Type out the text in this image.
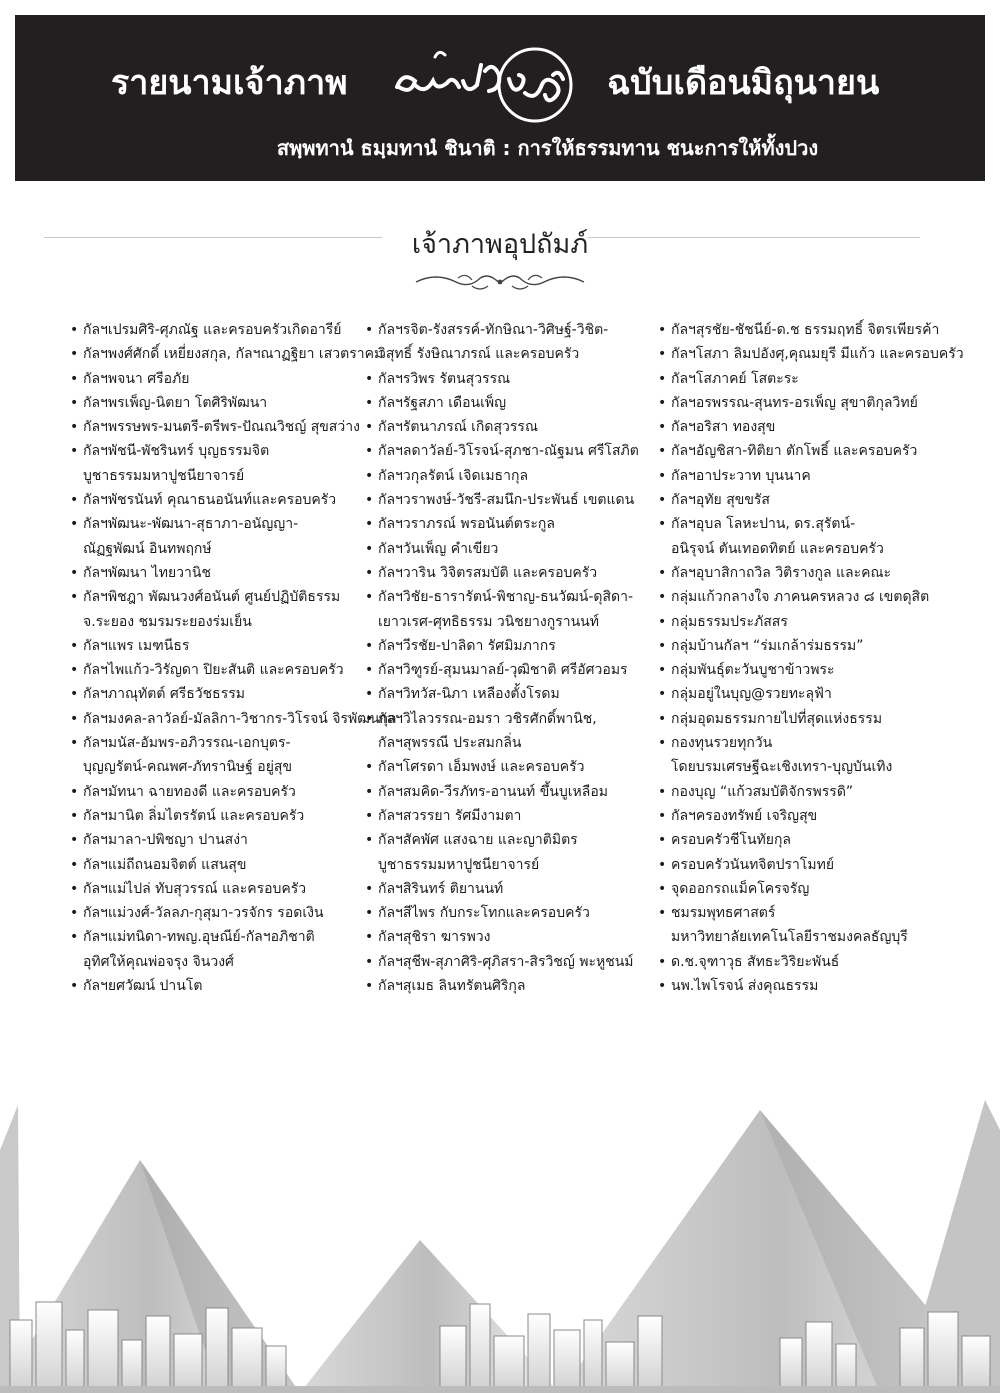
รายนามเจ้าภาพ	ฉบับเดือนมิถุนายน
สพฺพทานํ ธมฺมทานํ ชินาติ : การให้ธรรมทาน ชนะการให้ทั้งปวง
เจ้าภาพอุปถัมภ์
• กัลฯเปรมศิริ-ศุภณัฐ และครอบครัวเกิดอารีย์
• กัลฯพงศ์ศักดิ์ เหยี่ยงสกุล, กัลฯณาฏฐิยา เสวตราคม
• กัลฯพจนา ศรีอภัย
• กัลฯพรเพ็ญ-นิตยา โตศิริพัฒนา
• กัลฯพรรษพร-มนตรี-ตรีพร-ปัณณวิชญ์ สุขสว่าง
• กัลฯพัชนี-พัชรินทร์ บุญธรรมจิต
บูชาธรรมมหาปูชนียาจารย์
• กัลฯพัชรนันท์ คุณาธนอนันท์และครอบครัว
• กัลฯพัฒนะ-พัฒนา-สุธาภา-อนัญญา-
ณัฏฐพัฒน์ อินทพฤกษ์
• กัลฯพัฒนา ไทยวานิช
• กัลฯพิชฎา พัฒนวงศ์อนันต์ ศูนย์ปฏิบัติธรรม
จ.ระยอง ชมรมระยองร่มเย็น
• กัลฯแพร เมฑนีธร
• กัลฯไพแก้ว-วิรัญดา ปิยะสันติ และครอบครัว
• กัลฯภาณุทัตต์ ศรีธวัชธรรม
• กัลฯมงคล-ลาวัลย์-มัลลิกา-วิชากร-วิโรจน์ จิรพัฒนกุล
• กัลฯมนัส-อัมพร-อภิวรรณ-เอกบุตร-
บุญญรัตน์-คณพศ-ภัทรานิษฐ์ อยู่สุข
• กัลฯมัทนา ฉายทองดี และครอบครัว
• กัลฯมานิต ลิ่มไตรรัตน์ และครอบครัว
• กัลฯมาลา-ปพิชญา ปานสง่า
• กัลฯแม่ถีถนอมจิตต์ แสนสุข
• กัลฯแม่ไปล่ ทับสุวรรณ์ และครอบครัว
• กัลฯแม่วงศ์-วัลลภ-กุสุมา-วรจักร รอดเงิน
• กัลฯแม่ทนิดา-ทพญ.อุษณีย์-กัลฯอภิชาติ
อุทิศให้คุณพ่อจรุง จินวงศ์
• กัลฯยศวัฒน์ ปานโต
• กัลฯรจิต-รังสรรค์-ทักษิณา-วิศิษฐ์-วิชิต-
วิสุทธิ์ รังษิณาภรณ์ และครอบครัว
• กัลฯรวิพร รัตนสุวรรณ
• กัลฯรัฐสภา เดือนเพ็ญ
• กัลฯรัตนาภรณ์ เกิดสุวรรณ
• กัลฯลดาวัลย์-วิโรจน์-สุภชา-ณัฐมน ศรีโสภิต
• กัลฯวกุลรัตน์ เจิดเมธากุล
• กัลฯวราพงษ์-วัชรี-สมนึก-ประพันธ์ เขตแดน
• กัลฯวราภรณ์ พรอนันต์ตระกูล
• กัลฯวันเพ็ญ คำเขียว
• กัลฯวาริน วิจิตรสมบัติ และครอบครัว
• กัลฯวิชัย-ธารารัตน์-พิชาญ-ธนวัฒน์-ดุสิดา-
เยาวเรศ-ศุทธิธรรม วนิชยางกูรานนท์
• กัลฯวีรชัย-ปาลิดา รัศมิมภากร
• กัลฯวิฑูรย์-สุมนมาลย์-วุฒิชาติ ศรีอัศวอมร
• กัลฯวิทวัส-นิภา เหลืองตั้งโรดม
• กัลฯวิไลวรรณ-อมรา วชิรศักดิ์พานิช,
กัลฯสุพรรณี ประสมกลิ่น
• กัลฯโศรดา เอ็มพงษ์ และครอบครัว
• กัลฯสมคิด-วีรภัทร-อานนท์ ขึ้นบูเหลือม
• กัลฯสวรรยา รัศมีงามตา
• กัลฯสัคพัศ แสงฉาย และญาติมิตร
บูชาธรรมมหาปูชนียาจารย์
• กัลฯสิรินทร์ ติยานนท์
• กัลฯสีไพร กับกระโทกและครอบครัว
• กัลฯสุชิรา ฆารพวง
• กัลฯสุชีพ-สุภาศิริ-ศุภิสรา-สิรวิชญ์ พะหูชนม์
• กัลฯสุเมธ ลินทรัตนศิริกุล
• กัลฯสุรชัย-ชัชนีย์-ด.ช ธรรมฤทธิ์ จิตรเพียรค้า
• กัลฯโสภา ลิมปอังศุ,คุณมยุรี มีแก้ว และครอบครัว
• กัลฯโสภาคย์ โสตะระ
• กัลฯอรพรรณ-สุนทร-อรเพ็ญ สุขาติกุลวิทย์
• กัลฯอริสา ทองสุข
• กัลฯอัญชิสา-ทิติยา ตักโพธิ์ และครอบครัว
• กัลฯอาประวาท บุนนาค
• กัลฯอุทัย สุขขรัส
• กัลฯอุบล โลหะปาน, ดร.สุรัตน์-
อนิรุจน์ ตันเทอดทิตย์ และครอบครัว
• กัลฯอุบาสิกาถวิล วิติรางกูล และคณะ
• กลุ่มแก้วกลางใจ ภาคนครหลวง ๘ เขตดุสิต
• กลุ่มธรรมประภัสสร
• กลุ่มบ้านกัลฯ “ร่มเกล้าร่มธรรม”
• กลุ่มพันธุ์ตะวันบูชาข้าวพระ
• กลุ่มอยู่ในบุญ@รวยทะลุฟ้า
• กลุ่มอุดมธรรมกายไปที่สุดแห่งธรรม
• กองทุนรวยทุกวัน
โดยบรมเศรษฐีฉะเชิงเทรา-บุญบันเทิง
• กองบุญ “แก้วสมบัติจักรพรรดิ”
• กัลฯครองทรัพย์ เจริญสุข
• ครอบครัวชีโนทัยกุล
• ครอบครัวนันทจิตปราโมทย์
• จุดออกรถแม็คโครจรัญ
• ชมรมพุทธศาสตร์
มหาวิทยาลัยเทคโนโลยีราชมงคลธัญบุรี
• ด.ช.จุฑาวุธ สัทธะวิริยะพันธ์
• นพ.ไพโรจน์ ส่งคุณธรรม
